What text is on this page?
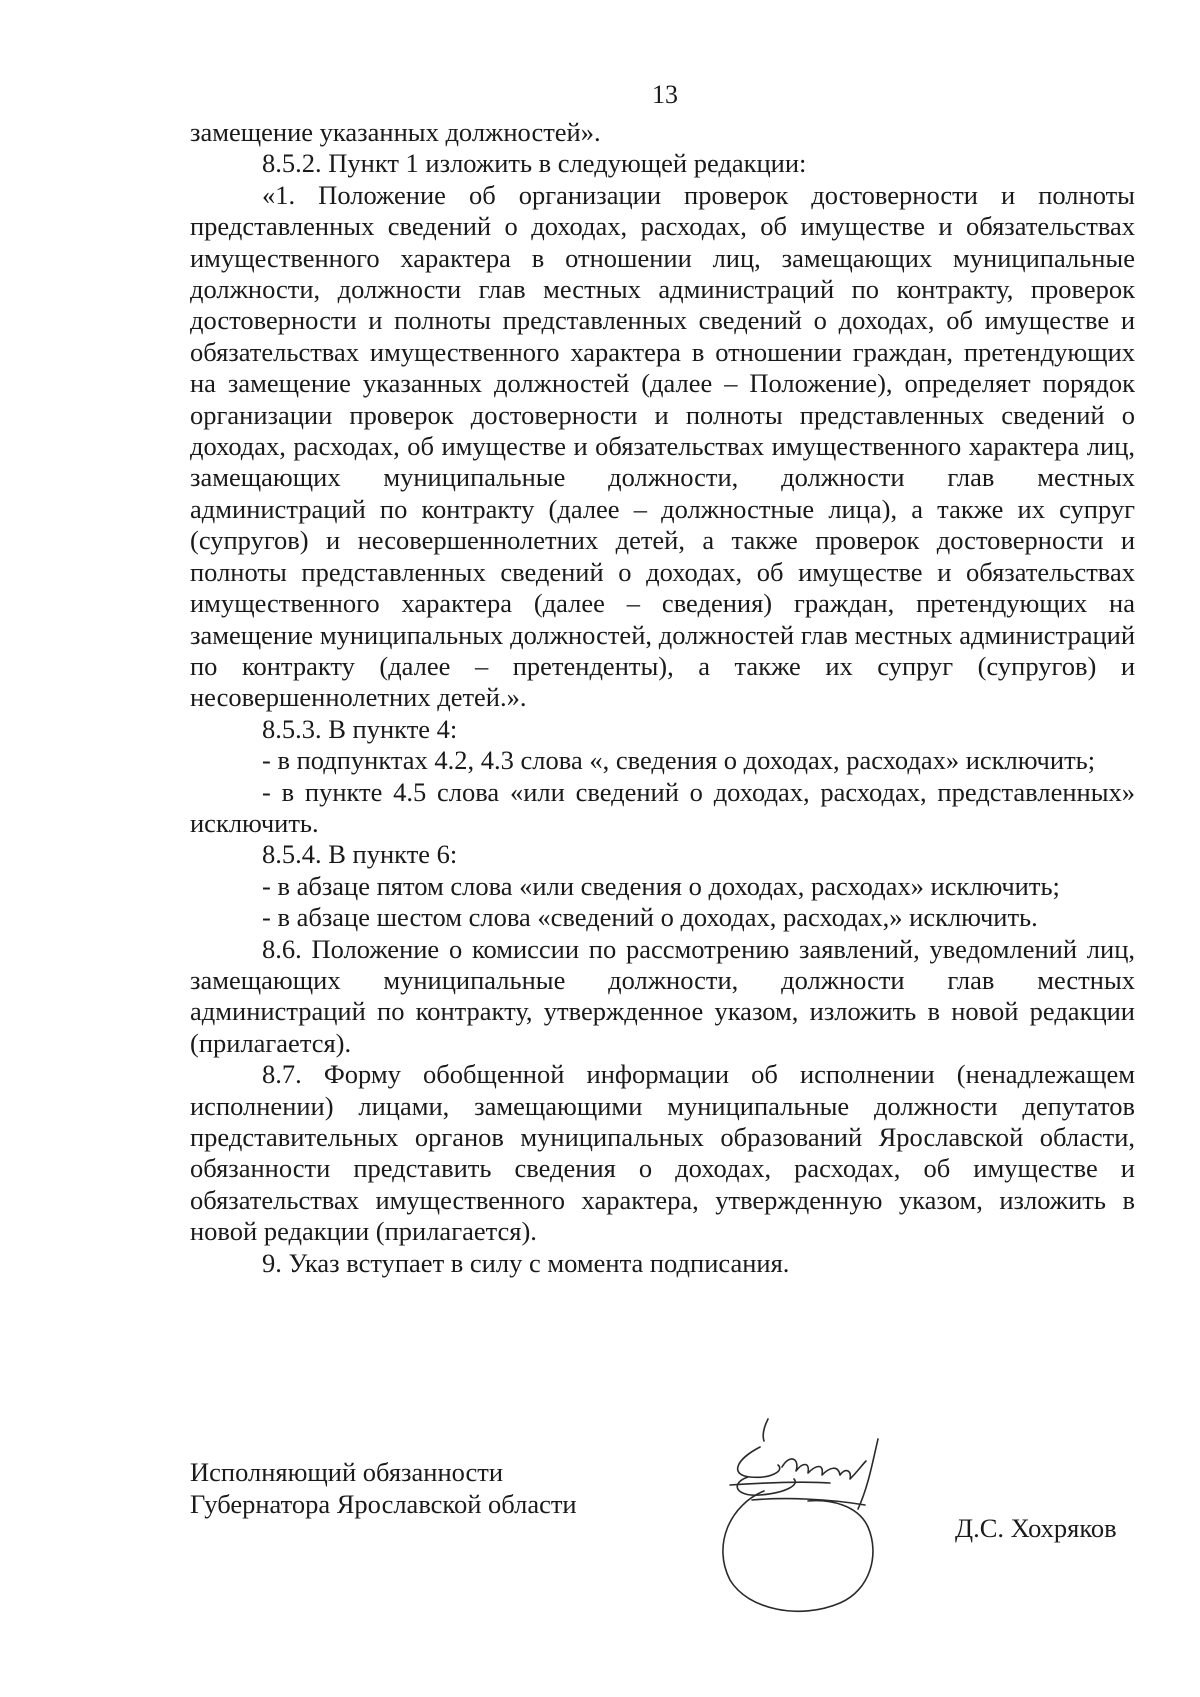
13

замещение указанных должностей».

8.5.2. Пункт 1 изложить в следующей редакции:

«1. Положение об организации проверок достоверности и полноты представленных сведений о доходах, расходах, об имуществе и обязательствах имущественного характера в отношении лиц, замещающих муниципальные должности, должности глав местных администраций по контракту, проверок достоверности и полноты представленных сведений о доходах, об имуществе и обязательствах имущественного характера в отношении граждан, претендующих на замещение указанных должностей (далее – Положение), определяет порядок организации проверок достоверности и полноты представленных сведений о доходах, расходах, об имуществе и обязательствах имущественного характера лиц, замещающих муниципальные должности, должности глав местных администраций по контракту (далее – должностные лица), а также их супруг (супругов) и несовершеннолетних детей, а также проверок достоверности и полноты представленных сведений о доходах, об имуществе и обязательствах имущественного характера (далее – сведения) граждан, претендующих на замещение муниципальных должностей, должностей глав местных администраций по контракту (далее – претенденты), а также их супруг (супругов) и несовершеннолетних детей.».

8.5.3. В пункте 4:

- в подпунктах 4.2, 4.3 слова «, сведения о доходах, расходах» исключить;

- в пункте 4.5 слова «или сведений о доходах, расходах, представленных» исключить.

8.5.4. В пункте 6:

- в абзаце пятом слова «или сведения о доходах, расходах» исключить;

- в абзаце шестом слова «сведений о доходах, расходах,» исключить.

8.6. Положение о комиссии по рассмотрению заявлений, уведомлений лиц, замещающих муниципальные должности, должности глав местных администраций по контракту, утвержденное указом, изложить в новой редакции (прилагается).

8.7. Форму обобщенной информации об исполнении (ненадлежащем исполнении) лицами, замещающими муниципальные должности депутатов представительных органов муниципальных образований Ярославской области, обязанности представить сведения о доходах, расходах, об имуществе и обязательствах имущественного характера, утвержденную указом, изложить в новой редакции (прилагается).

9. Указ вступает в силу с момента подписания.

Исполняющий обязанности
Губернатора Ярославской области
Д.С. Хохряков
